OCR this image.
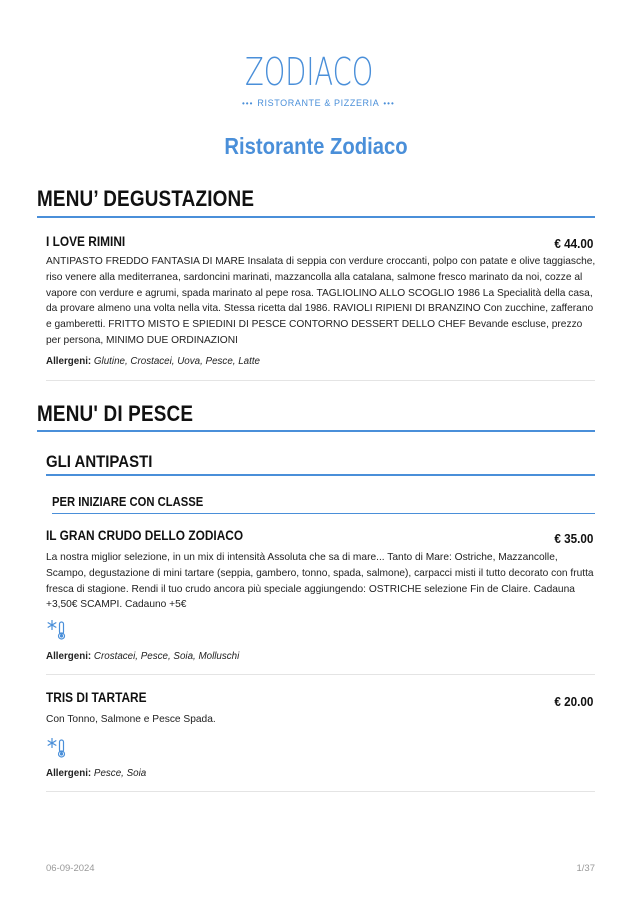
ZODIACO
••• RISTORANTE & PIZZERIA •••
Ristorante Zodiaco
MENU’ DEGUSTAZIONE
I LOVE RIMINI	€ 44.00
ANTIPASTO FREDDO FANTASIA DI MARE Insalata di seppia con verdure croccanti, polpo con patate e olive taggiasche, riso venere alla mediterranea, sardoncini marinati, mazzancolla alla catalana, salmone fresco marinato da noi, cozze al vapore con verdure e agrumi, spada marinato al pepe rosa. TAGLIOLINO ALLO SCOGLIO 1986 La Specialità della casa, da provare almeno una volta nella vita. Stessa ricetta dal 1986. RAVIOLI RIPIENI DI BRANZINO Con zucchine, zafferano e gamberetti. FRITTO MISTO E SPIEDINI DI PESCE CONTORNO DESSERT DELLO CHEF Bevande escluse, prezzo per persona, MINIMO DUE ORDINAZIONI
Allergeni: Glutine, Crostacei, Uova, Pesce, Latte
MENU' DI PESCE
GLI ANTIPASTI
PER INIZIARE CON CLASSE
IL GRAN CRUDO DELLO ZODIACO	€ 35.00
La nostra miglior selezione, in un mix di intensità Assoluta che sa di mare... Tanto di Mare: Ostriche, Mazzancolle, Scampo, degustazione di mini tartare (seppia, gambero, tonno, spada, salmone), carpacci misti il tutto decorato con frutta fresca di stagione. Rendi il tuo crudo ancora più speciale aggiungendo: OSTRICHE selezione Fin de Claire. Cadauna +3,50€ SCAMPI. Cadauno +5€
Allergeni: Crostacei, Pesce, Soia, Molluschi
TRIS DI TARTARE	€ 20.00
Con Tonno, Salmone e Pesce Spada.
Allergeni: Pesce, Soia
06-09-2024	1/37
